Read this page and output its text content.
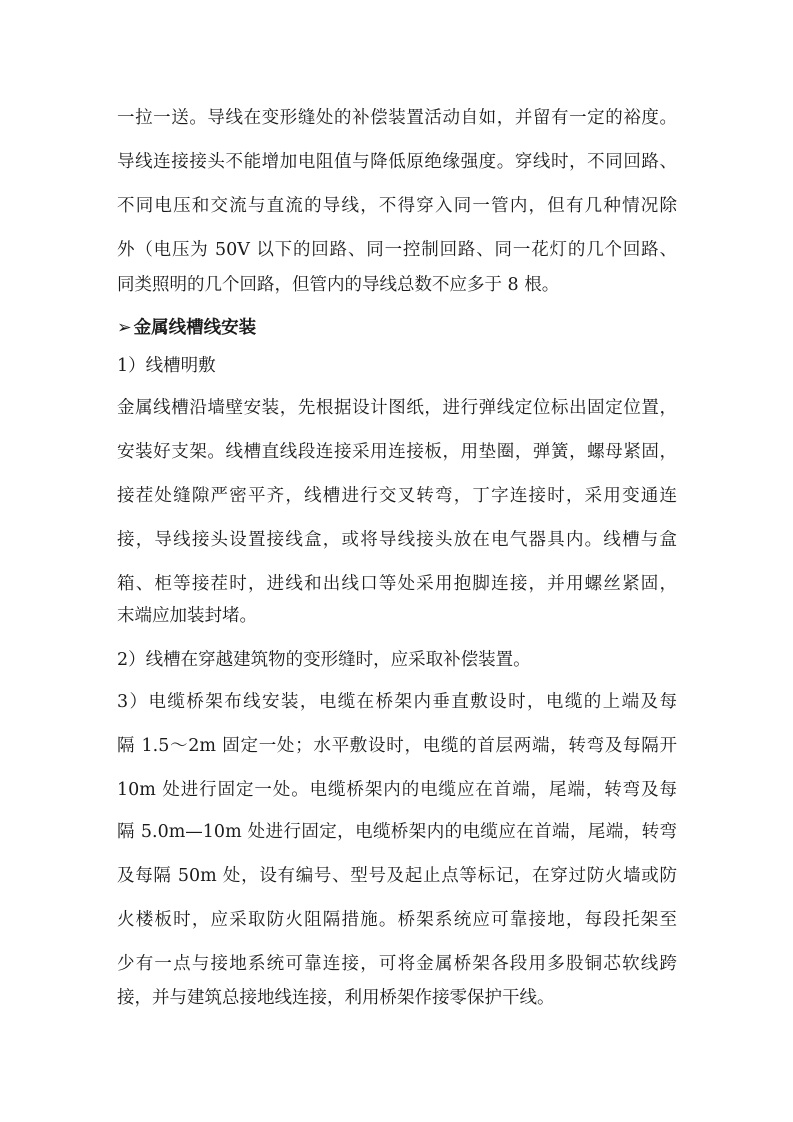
一拉一送。导线在变形缝处的补偿装置活动自如，并留有一定的裕度。
导线连接接头不能增加电阻值与降低原绝缘强度。穿线时，不同回路、
不同电压和交流与直流的导线，不得穿入同一管内，但有几种情况除
外（电压为 50V 以下的回路、同一控制回路、同一花灯的几个回路、
同类照明的几个回路，但管内的导线总数不应多于 8 根。
➢ 金属线槽线安装
1）线槽明敷
金属线槽沿墙壁安装，先根据设计图纸，进行弹线定位标出固定位置，
安装好支架。线槽直线段连接采用连接板，用垫圈，弹簧，螺母紧固，
接茬处缝隙严密平齐，线槽进行交叉转弯，丁字连接时，采用变通连
接，导线接头设置接线盒，或将导线接头放在电气器具内。线槽与盒
箱、柜等接茬时，进线和出线口等处采用抱脚连接，并用螺丝紧固，
末端应加装封堵。
2）线槽在穿越建筑物的变形缝时，应采取补偿装置。
3）电缆桥架布线安装，电缆在桥架内垂直敷设时，电缆的上端及每
隔 1.5～2m 固定一处；水平敷设时，电缆的首层两端，转弯及每隔开
10m 处进行固定一处。电缆桥架内的电缆应在首端，尾端，转弯及每
隔 5.0m—10m 处进行固定，电缆桥架内的电缆应在首端，尾端，转弯
及每隔 50m 处，设有编号、型号及起止点等标记，在穿过防火墙或防
火楼板时，应采取防火阻隔措施。桥架系统应可靠接地，每段托架至
少有一点与接地系统可靠连接，可将金属桥架各段用多股铜芯软线跨
接，并与建筑总接地线连接，利用桥架作接零保护干线。
